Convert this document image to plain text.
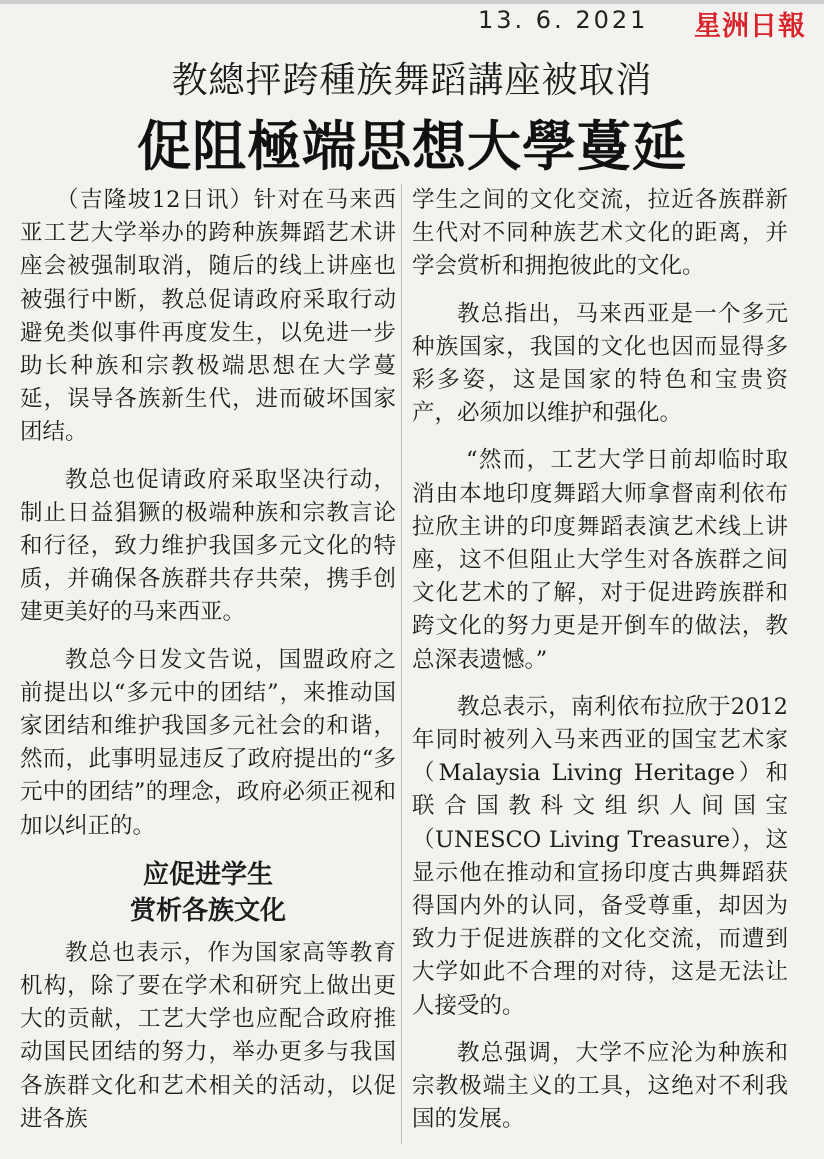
13. 6. 2021 星洲日報
教總抨跨種族舞蹈講座被取消
促阻極端思想大學蔓延

（吉隆坡12日讯）针对在马来西亚工艺大学举办的跨种族舞蹈艺术讲座会被强制取消，随后的线上讲座也被强行中断，教总促请政府采取行动避免类似事件再度发生，以免进一步助长种族和宗教极端思想在大学蔓延，误导各族新生代，进而破坏国家团结。

教总也促请政府采取坚决行动，制止日益猖獗的极端种族和宗教言论和行径，致力维护我国多元文化的特质，并确保各族群共存共荣，携手创建更美好的马来西亚。

教总今日发文告说，国盟政府之前提出以“多元中的团结”，来推动国家团结和维护我国多元社会的和谐，然而，此事明显违反了政府提出的“多元中的团结”的理念，政府必须正视和加以纠正的。

应促进学生
赏析各族文化

教总也表示，作为国家高等教育机构，除了要在学术和研究上做出更大的贡献，工艺大学也应配合政府推动国民团结的努力，举办更多与我国各族群文化和艺术相关的活动，以促进各族

学生之间的文化交流，拉近各族群新生代对不同种族艺术文化的距离，并学会赏析和拥抱彼此的文化。

教总指出，马来西亚是一个多元种族国家，我国的文化也因而显得多彩多姿，这是国家的特色和宝贵资产，必须加以维护和强化。

“然而，工艺大学日前却临时取消由本地印度舞蹈大师拿督南利依布拉欣主讲的印度舞蹈表演艺术线上讲座，这不但阻止大学生对各族群之间文化艺术的了解，对于促进跨族群和跨文化的努力更是开倒车的做法，教总深表遗憾。”

教总表示，南利依布拉欣于2012年同时被列入马来西亚的国宝艺术家（Malaysia Living Heritage）和联合国教科文组织人间国宝（UNESCO Living Treasure），这显示他在推动和宣扬印度古典舞蹈获得国内外的认同，备受尊重，却因为致力于促进族群的文化交流，而遭到大学如此不合理的对待，这是无法让人接受的。

教总强调，大学不应沦为种族和宗教极端主义的工具，这绝对不利我国的发展。
